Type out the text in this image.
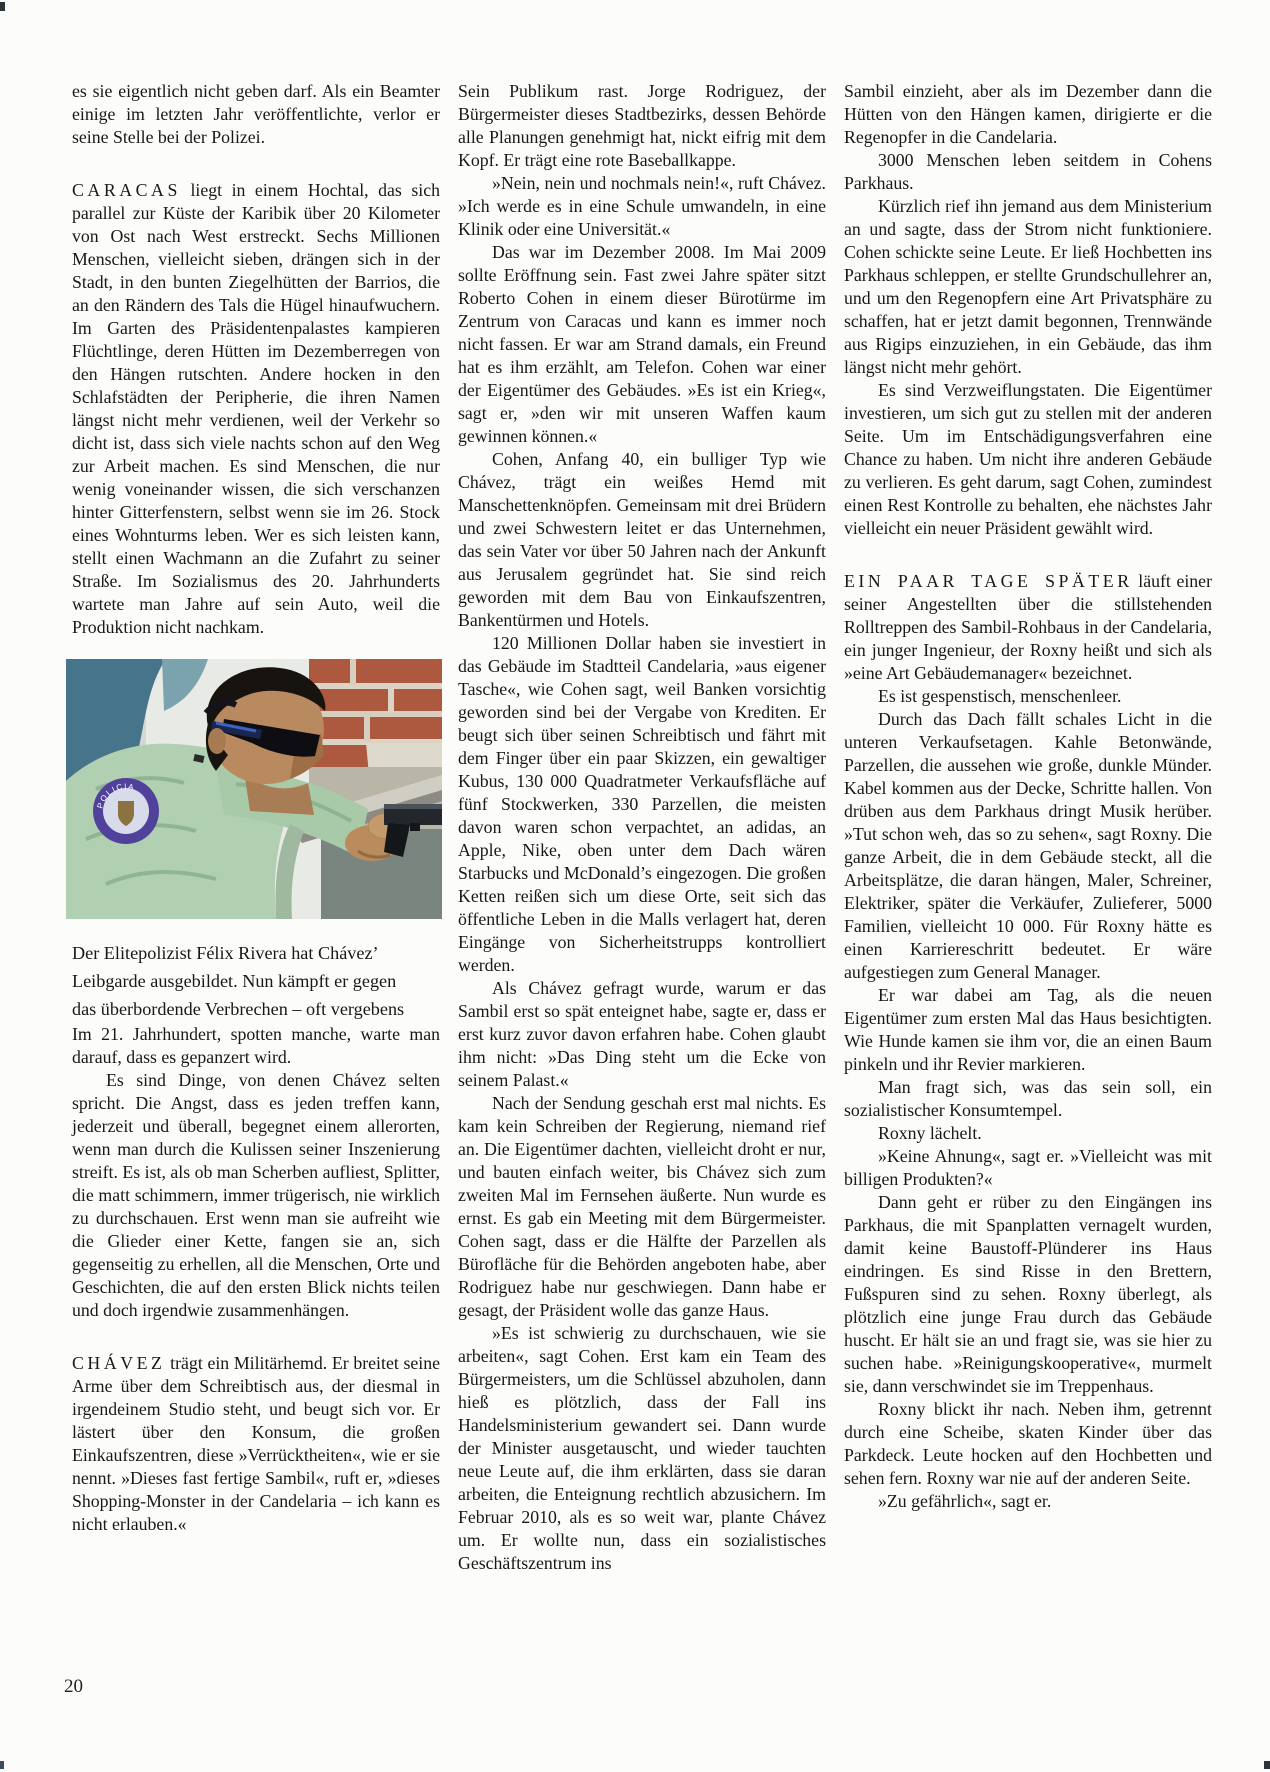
es sie eigentlich nicht geben darf. Als ein Beamter einige im letzten Jahr veröffentlichte, verlor er seine Stelle bei der Polizei.

CARACAS liegt in einem Hochtal, das sich parallel zur Küste der Karibik über 20 Kilometer von Ost nach West erstreckt. Sechs Millionen Menschen, vielleicht sieben, drängen sich in der Stadt, in den bunten Ziegelhütten der Barrios, die an den Rändern des Tals die Hügel hinaufwuchern. Im Garten des Präsidentenpalastes kampieren Flüchtlinge, deren Hütten im Dezemberregen von den Hängen rutschten. Andere hocken in den Schlafstädten der Peripherie, die ihren Namen längst nicht mehr verdienen, weil der Verkehr so dicht ist, dass sich viele nachts schon auf den Weg zur Arbeit machen. Es sind Menschen, die nur wenig voneinander wissen, die sich verschanzen hinter Gitterfenstern, selbst wenn sie im 26. Stock eines Wohnturms leben. Wer es sich leisten kann, stellt einen Wachmann an die Zufahrt zu seiner Straße. Im Sozialismus des 20. Jahrhunderts wartete man Jahre auf sein Auto, weil die Produktion nicht nachkam.

POLICIA
Der Elitepolizist Félix Rivera hat Chávez’
Leibgarde ausgebildet. Nun kämpft er gegen
das überbordende Verbrechen – oft vergebens

Im 21. Jahrhundert, spotten manche, warte man darauf, dass es gepanzert wird.

Es sind Dinge, von denen Chávez selten spricht. Die Angst, dass es jeden treffen kann, jederzeit und überall, begegnet einem allerorten, wenn man durch die Kulissen seiner Inszenierung streift. Es ist, als ob man Scherben aufliest, Splitter, die matt schimmern, immer trügerisch, nie wirklich zu durchschauen. Erst wenn man sie aufreiht wie die Glieder einer Kette, fangen sie an, sich gegenseitig zu erhellen, all die Menschen, Orte und Geschichten, die auf den ersten Blick nichts teilen und doch irgendwie zusammenhängen.

CHÁVEZ trägt ein Militärhemd. Er breitet seine Arme über dem Schreibtisch aus, der diesmal in irgendeinem Studio steht, und beugt sich vor. Er lästert über den Konsum, die großen Einkaufszentren, diese »Verrücktheiten«, wie er sie nennt. »Dieses fast fertige Sambil«, ruft er, »dieses Shopping-Monster in der Candelaria – ich kann es nicht erlauben.«

Sein Publikum rast. Jorge Rodriguez, der Bürgermeister dieses Stadtbezirks, dessen Behörde alle Planungen genehmigt hat, nickt eifrig mit dem Kopf. Er trägt eine rote Baseballkappe.

»Nein, nein und nochmals nein!«, ruft Chávez. »Ich werde es in eine Schule umwandeln, in eine Klinik oder eine Universität.«

Das war im Dezember 2008. Im Mai 2009 sollte Eröffnung sein. Fast zwei Jahre später sitzt Roberto Cohen in einem dieser Bürotürme im Zentrum von Caracas und kann es immer noch nicht fassen. Er war am Strand damals, ein Freund hat es ihm erzählt, am Telefon. Cohen war einer der Eigentümer des Gebäudes. »Es ist ein Krieg«, sagt er, »den wir mit unseren Waffen kaum gewinnen können.«

Cohen, Anfang 40, ein bulliger Typ wie Chávez, trägt ein weißes Hemd mit Manschettenknöpfen. Gemeinsam mit drei Brüdern und zwei Schwestern leitet er das Unternehmen, das sein Vater vor über 50 Jahren nach der Ankunft aus Jerusalem gegründet hat. Sie sind reich geworden mit dem Bau von Einkaufszentren, Bankentürmen und Hotels.

120 Millionen Dollar haben sie investiert in das Gebäude im Stadtteil Candelaria, »aus eigener Tasche«, wie Cohen sagt, weil Banken vorsichtig geworden sind bei der Vergabe von Krediten. Er beugt sich über seinen Schreibtisch und fährt mit dem Finger über ein paar Skizzen, ein gewaltiger Kubus, 130 000 Quadratmeter Verkaufsfläche auf fünf Stockwerken, 330 Parzellen, die meisten davon waren schon verpachtet, an adidas, an Apple, Nike, oben unter dem Dach wären Starbucks und McDonald’s eingezogen. Die großen Ketten reißen sich um diese Orte, seit sich das öffentliche Leben in die Malls verlagert hat, deren Eingänge von Sicherheitstrupps kontrolliert werden.

Als Chávez gefragt wurde, warum er das Sambil erst so spät enteignet habe, sagte er, dass er erst kurz zuvor davon erfahren habe. Cohen glaubt ihm nicht: »Das Ding steht um die Ecke von seinem Palast.«

Nach der Sendung geschah erst mal nichts. Es kam kein Schreiben der Regierung, niemand rief an. Die Eigentümer dachten, vielleicht droht er nur, und bauten einfach weiter, bis Chávez sich zum zweiten Mal im Fernsehen äußerte. Nun wurde es ernst. Es gab ein Meeting mit dem Bürgermeister. Cohen sagt, dass er die Hälfte der Parzellen als Bürofläche für die Behörden angeboten habe, aber Rodriguez habe nur geschwiegen. Dann habe er gesagt, der Präsident wolle das ganze Haus.

»Es ist schwierig zu durchschauen, wie sie arbeiten«, sagt Cohen. Erst kam ein Team des Bürgermeisters, um die Schlüssel abzuholen, dann hieß es plötzlich, dass der Fall ins Handelsministerium gewandert sei. Dann wurde der Minister ausgetauscht, und wieder tauchten neue Leute auf, die ihm erklärten, dass sie daran arbeiten, die Enteignung rechtlich abzusichern. Im Februar 2010, als es so weit war, plante Chávez um. Er wollte nun, dass ein sozialistisches Geschäftszentrum ins

Sambil einzieht, aber als im Dezember dann die Hütten von den Hängen kamen, dirigierte er die Regenopfer in die Candelaria.

3000 Menschen leben seitdem in Cohens Parkhaus.

Kürzlich rief ihn jemand aus dem Ministerium an und sagte, dass der Strom nicht funktioniere. Cohen schickte seine Leute. Er ließ Hochbetten ins Parkhaus schleppen, er stellte Grundschullehrer an, und um den Regenopfern eine Art Privatsphäre zu schaffen, hat er jetzt damit begonnen, Trennwände aus Rigips einzuziehen, in ein Gebäude, das ihm längst nicht mehr gehört.

Es sind Verzweiflungstaten. Die Eigentümer investieren, um sich gut zu stellen mit der anderen Seite. Um im Entschädigungsverfahren eine Chance zu haben. Um nicht ihre anderen Gebäude zu verlieren. Es geht darum, sagt Cohen, zumindest einen Rest Kontrolle zu behalten, ehe nächstes Jahr vielleicht ein neuer Präsident gewählt wird.

EIN PAAR TAGE SPÄTER läuft einer seiner Angestellten über die stillstehenden Rolltreppen des Sambil-Rohbaus in der Candelaria, ein junger Ingenieur, der Roxny heißt und sich als »eine Art Gebäudemanager« bezeichnet.

Es ist gespenstisch, menschenleer.

Durch das Dach fällt schales Licht in die unteren Verkaufsetagen. Kahle Betonwände, Parzellen, die aussehen wie große, dunkle Münder. Kabel kommen aus der Decke, Schritte hallen. Von drüben aus dem Parkhaus dringt Musik herüber. »Tut schon weh, das so zu sehen«, sagt Roxny. Die ganze Arbeit, die in dem Gebäude steckt, all die Arbeitsplätze, die daran hängen, Maler, Schreiner, Elektriker, später die Verkäufer, Zulieferer, 5000 Familien, vielleicht 10 000. Für Roxny hätte es einen Karriereschritt bedeutet. Er wäre aufgestiegen zum General Manager.

Er war dabei am Tag, als die neuen Eigentümer zum ersten Mal das Haus besichtigten. Wie Hunde kamen sie ihm vor, die an einen Baum pinkeln und ihr Revier markieren.

Man fragt sich, was das sein soll, ein sozialistischer Konsumtempel.

Roxny lächelt.

»Keine Ahnung«, sagt er. »Vielleicht was mit billigen Produkten?«

Dann geht er rüber zu den Eingängen ins Parkhaus, die mit Spanplatten vernagelt wurden, damit keine Baustoff-Plünderer ins Haus eindringen. Es sind Risse in den Brettern, Fußspuren sind zu sehen. Roxny überlegt, als plötzlich eine junge Frau durch das Gebäude huscht. Er hält sie an und fragt sie, was sie hier zu suchen habe. »Reinigungskooperative«, murmelt sie, dann verschwindet sie im Treppenhaus.

Roxny blickt ihr nach. Neben ihm, getrennt durch eine Scheibe, skaten Kinder über das Parkdeck. Leute hocken auf den Hochbetten und sehen fern. Roxny war nie auf der anderen Seite.

»Zu gefährlich«, sagt er.

20
